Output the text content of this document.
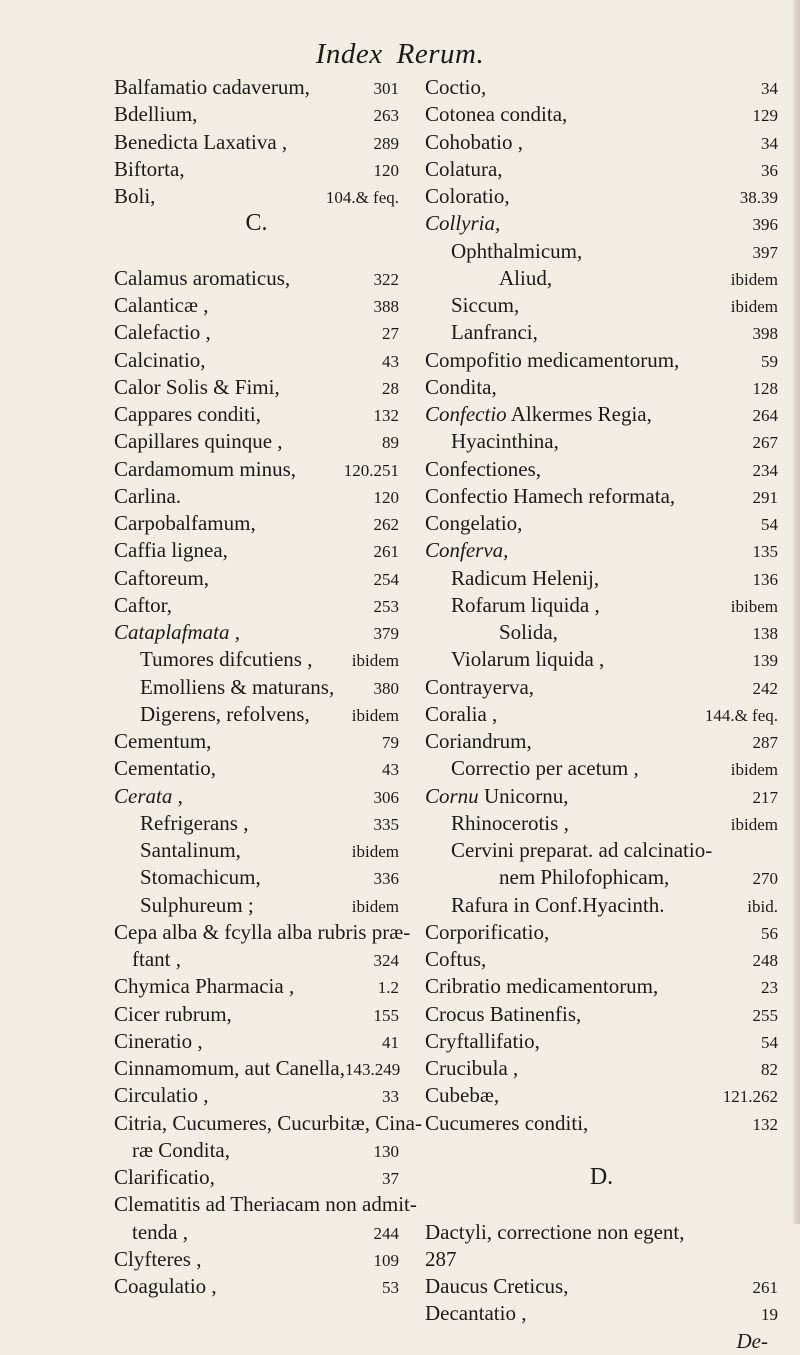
Index Rerum.
Balfamatio cadaverum,	301
Bdellium,	263
Benedicta Laxativa ,	289
Biftorta,	120
Boli,	104.& feq.
C.
Calamus aromaticus,	322
Calanticæ ,	388
Calefactio ,	27
Calcinatio,	43
Calor Solis & Fimi,	28
Cappares conditi,	132
Capillares quinque ,	89
Cardamomum minus,	120.251
Carlina.	120
Carpobalfamum,	262
Caffia lignea,	261
Caftoreum,	254
Caftor,	253
Cataplafmata ,	379
Tumores difcutiens , ibidem
Emolliens & maturans, 380
Digerens, refolvens, ibidem
Cementum,	79
Cementatio,	43
Cerata ,	306
Refrigerans ,	335
Santalinum,	ibidem
Stomachicum,	336
Sulphureum ;	ibidem
Cepa alba & fcylla alba rubris præ-
ftant ,	324
Chymica Pharmacia ,	1.2
Cicer rubrum,	155
Cineratio ,	41
Cinnamomum, aut Canella, 143.249
Circulatio ,	33
Citria, Cucumeres, Cucurbitæ, Cina-
ræ Condita,	130
Clarificatio,	37
Clematitis ad Theriacam non admit-
tenda ,	244
Clyfteres ,	109
Coagulatio ,	53
Coctio,	34
Cotonea condita,	129
Cohobatio ,	34
Colatura,	36
Coloratio,	38.39
Collyria,	396
Ophthalmicum,	397
Aliud,	ibidem
Siccum,	ibidem
Lanfranci,	398
Compofitio medicamentorum,	59
Condita,	128
Confectio Alkermes Regia,	264
Hyacinthina,	267
Confectiones,	234
Confectio Hamech reformata,	291
Congelatio,	54
Conferva,	135
Radicum Helenij,	136
Rofarum liquida ,	ibibem
Solida,	138
Violarum liquida ,	139
Contrayerva,	242
Coralia ,	144.& feq.
Coriandrum,	287
Correctio per acetum ,	ibidem
Cornu Unicornu,	217
Rhinocerotis ,	ibidem
Cervini preparat. ad calcinatio-
nem Philofophicam,	270
Rafura in Conf.Hyacinth.	ibid.
Corporificatio,	56
Coftus,	248
Cribratio medicamentorum,	23
Crocus Batinenfis,	255
Cryftallifatio,	54
Crucibula ,	82
Cubebæ,	121.262
Cucumeres conditi,	132
D.
Dactyli, correctione non egent,
287
Daucus Creticus,	261
Decantatio ,	19
De-
